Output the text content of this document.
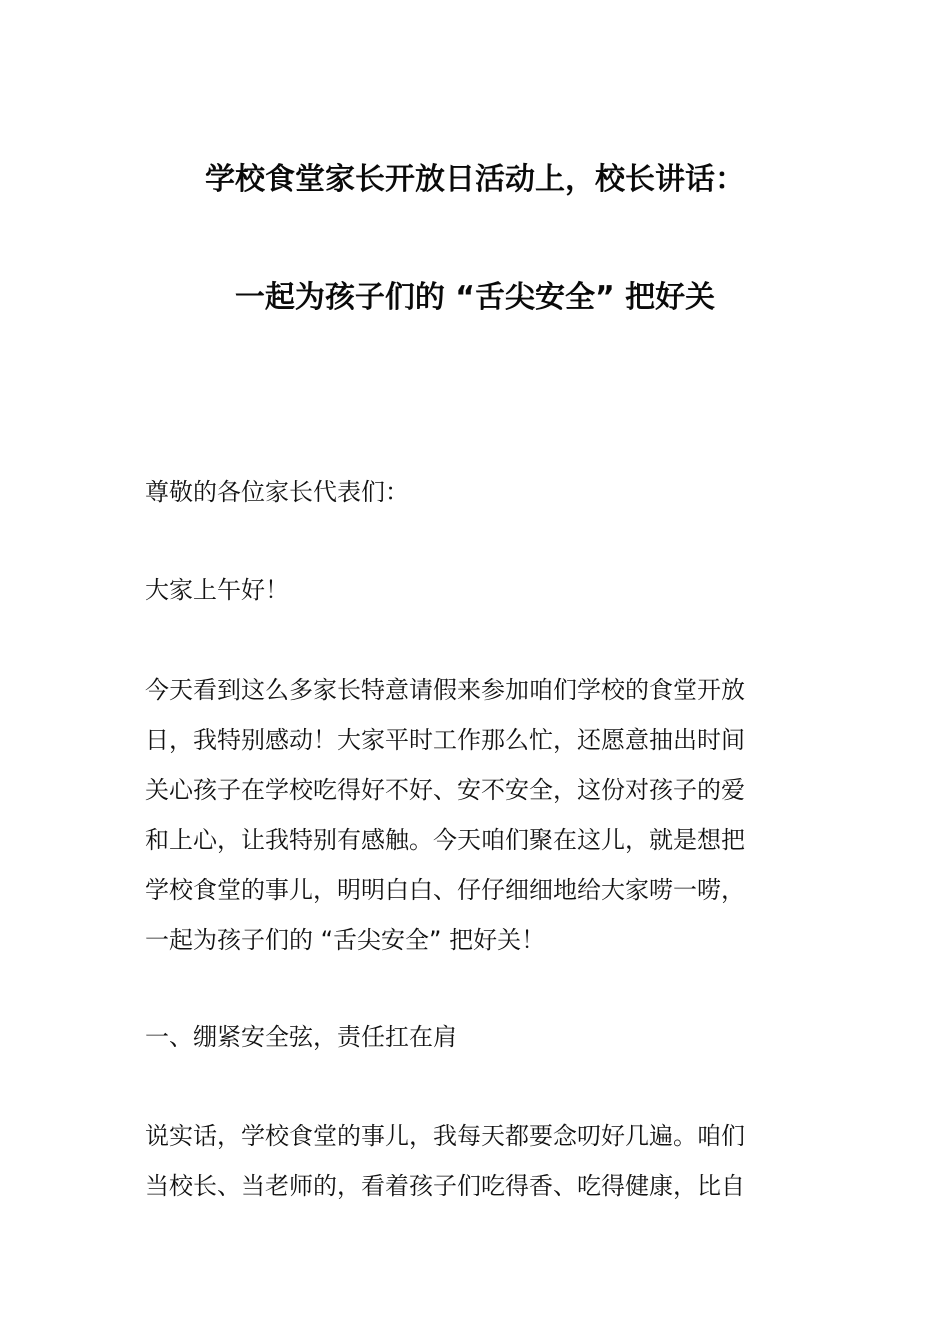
学校食堂家长开放日活动上，校长讲话：
一起为孩子们的 “舌尖安全” 把好关
尊敬的各位家长代表们：
大家上午好！
今天看到这么多家长特意请假来参加咱们学校的食堂开放
日，我特别感动！大家平时工作那么忙，还愿意抽出时间
关心孩子在学校吃得好不好、安不安全，这份对孩子的爱
和上心，让我特别有感触。今天咱们聚在这儿，就是想把
学校食堂的事儿，明明白白、仔仔细细地给大家唠一唠，
一起为孩子们的 “舌尖安全” 把好关！
一、绷紧安全弦，责任扛在肩
说实话，学校食堂的事儿，我每天都要念叨好几遍。咱们
当校长、当老师的，看着孩子们吃得香、吃得健康，比自
